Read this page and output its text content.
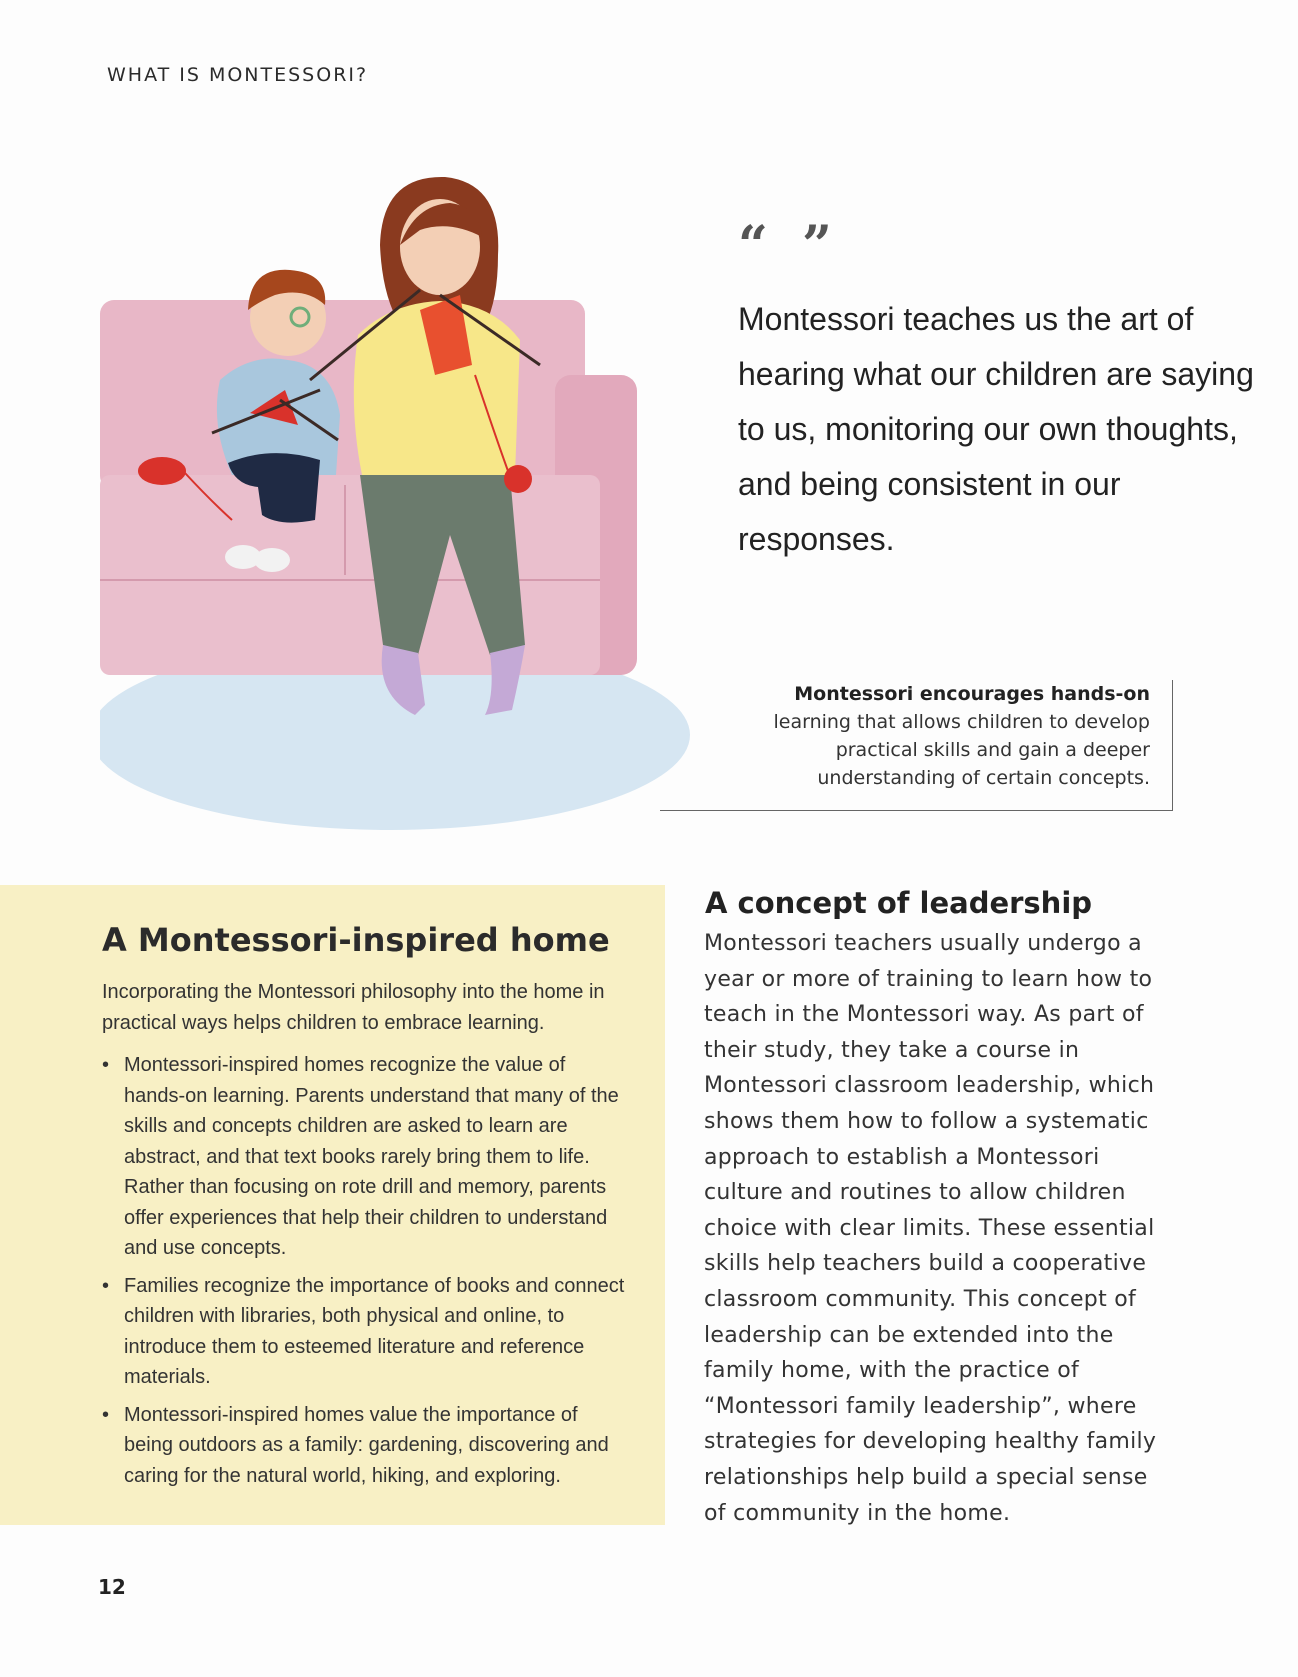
WHAT IS MONTESSORI?
“ ”
Montessori teaches us the art of hearing what our children are saying to us, monitoring our own thoughts, and being consistent in our responses.
Montessori encourages hands-on learning that allows children to develop practical skills and gain a deeper understanding of certain concepts.
A Montessori-inspired home
Incorporating the Montessori philosophy into the home in practical ways helps children to embrace learning.
• Montessori-inspired homes recognize the value of hands-on learning. Parents understand that many of the skills and concepts children are asked to learn are abstract, and that text books rarely bring them to life. Rather than focusing on rote drill and memory, parents offer experiences that help their children to understand and use concepts.
• Families recognize the importance of books and connect children with libraries, both physical and online, to introduce them to esteemed literature and reference materials.
• Montessori-inspired homes value the importance of being outdoors as a family: gardening, discovering and caring for the natural world, hiking, and exploring.
A concept of leadership
Montessori teachers usually undergo a year or more of training to learn how to teach in the Montessori way. As part of their study, they take a course in Montessori classroom leadership, which shows them how to follow a systematic approach to establish a Montessori culture and routines to allow children choice with clear limits. These essential skills help teachers build a cooperative classroom community. This concept of leadership can be extended into the family home, with the practice of “Montessori family leadership”, where strategies for developing healthy family relationships help build a special sense of community in the home.
12
